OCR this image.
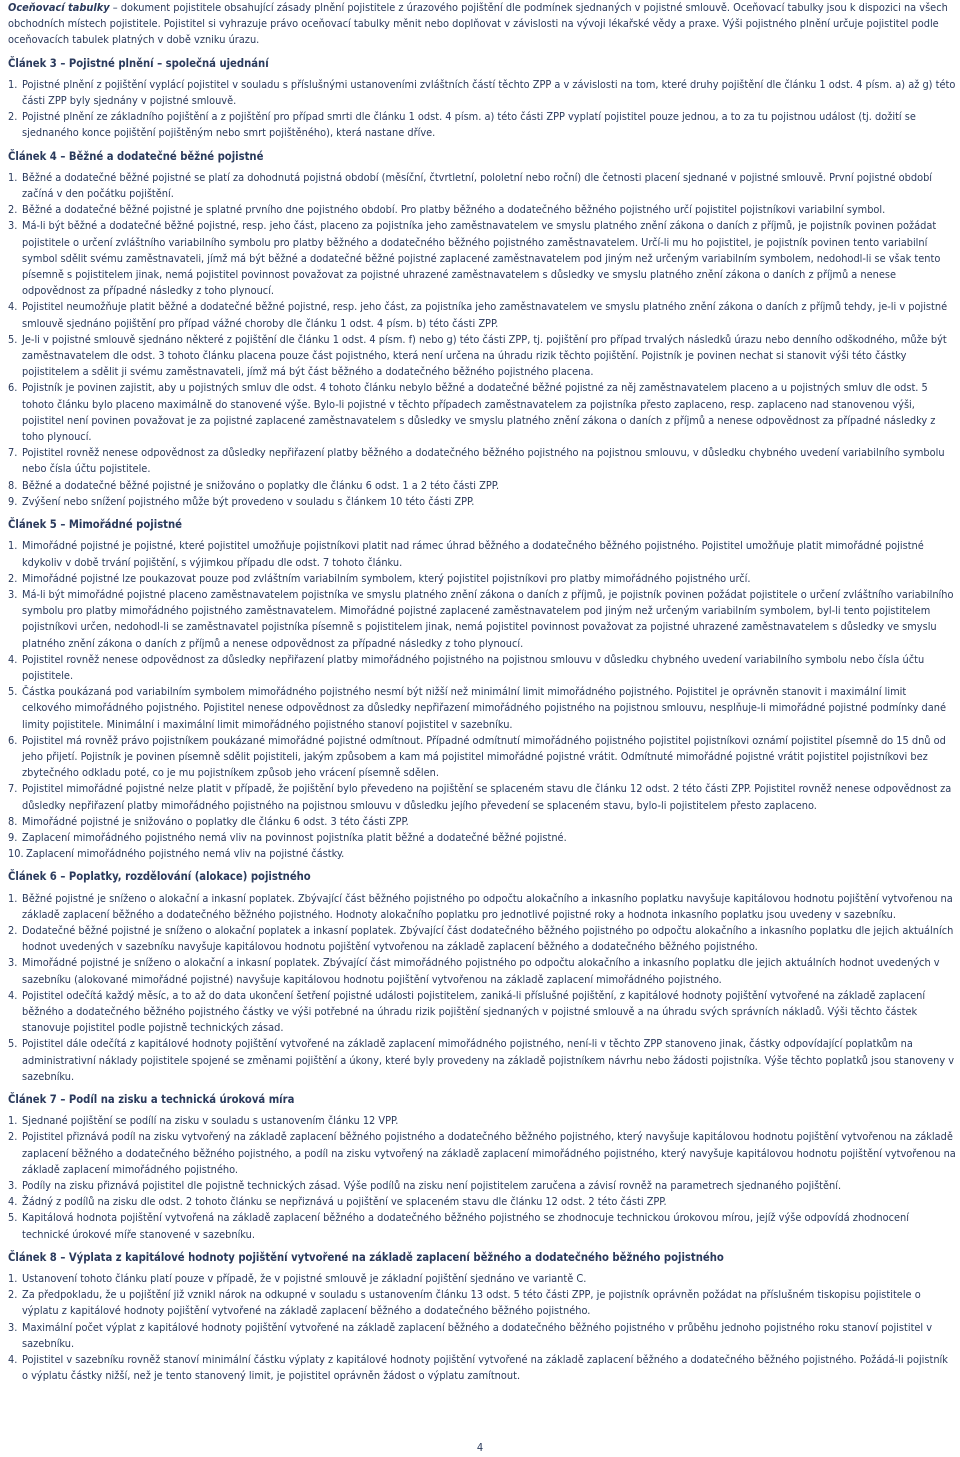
Oceňovací tabulky – dokument pojistitele obsahující zásady plnění pojistitele z úrazového pojištění dle podmínek sjednaných v pojistné smlouvě. Oceňovací tabulky jsou k dispozici na všech obchodních místech pojistitele. Pojistitel si vyhrazuje právo oceňovací tabulky měnit nebo doplňovat v závislosti na vývoji lékařské vědy a praxe. Výši pojistného plnění určuje pojistitel podle oceňovacích tabulek platných v době vzniku úrazu.

Článek 3 – Pojistné plnění – společná ujednání

1. Pojistné plnění z pojištění vyplácí pojistitel v souladu s příslušnými ustanoveními zvláštních částí těchto ZPP a v závislosti na tom, které druhy pojištění dle článku 1 odst. 4 písm. a) až g) této části ZPP byly sjednány v pojistné smlouvě.
2. Pojistné plnění ze základního pojištění a z pojištění pro případ smrti dle článku 1 odst. 4 písm. a) této části ZPP vyplatí pojistitel pouze jednou, a to za tu pojistnou událost (tj. dožití se sjednaného konce pojištění pojištěným nebo smrt pojištěného), která nastane dříve.

Článek 4 – Běžné a dodatečné běžné pojistné

1. Běžné a dodatečné běžné pojistné se platí za dohodnutá pojistná období (měsíční, čtvrtletní, pololetní nebo roční) dle četnosti placení sjednané v pojistné smlouvě. První pojistné období začíná v den počátku pojištění.
2. Běžné a dodatečné běžné pojistné je splatné prvního dne pojistného období. Pro platby běžného a dodatečného běžného pojistného určí pojistitel pojistníkovi variabilní symbol.
3. Má-li být běžné a dodatečné běžné pojistné, resp. jeho část, placeno za pojistníka jeho zaměstnavatelem ve smyslu platného znění zákona o daních z příjmů, je pojistník povinen požádat pojistitele o určení zvláštního variabilního symbolu pro platby běžného a dodatečného běžného pojistného zaměstnavatelem. Určí-li mu ho pojistitel, je pojistník povinen tento variabilní symbol sdělit svému zaměstnavateli, jímž má být běžné a dodatečné běžné pojistné zaplacené zaměstnavatelem pod jiným než určeným variabilním symbolem, nedohodl-li se však tento písemně s pojistitelem jinak, nemá pojistitel povinnost považovat za pojistné uhrazené zaměstnavatelem s důsledky ve smyslu platného znění zákona o daních z příjmů a nenese odpovědnost za případné následky z toho plynoucí.
4. Pojistitel neumožňuje platit běžné a dodatečné běžné pojistné, resp. jeho část, za pojistníka jeho zaměstnavatelem ve smyslu platného znění zákona o daních z příjmů tehdy, je-li v pojistné smlouvě sjednáno pojištění pro případ vážné choroby dle článku 1 odst. 4 písm. b) této části ZPP.
5. Je-li v pojistné smlouvě sjednáno některé z pojištění dle článku 1 odst. 4 písm. f) nebo g) této části ZPP, tj. pojištění pro případ trvalých následků úrazu nebo denního odškodného, může být zaměstnavatelem dle odst. 3 tohoto článku placena pouze část pojistného, která není určena na úhradu rizik těchto pojištění. Pojistník je povinen nechat si stanovit výši této částky pojistitelem a sdělit ji svému zaměstnavateli, jímž má být část běžného a dodatečného běžného pojistného placena.
6. Pojistník je povinen zajistit, aby u pojistných smluv dle odst. 4 tohoto článku nebylo běžné a dodatečné běžné pojistné za něj zaměstnavatelem placeno a u pojistných smluv dle odst. 5 tohoto článku bylo placeno maximálně do stanovené výše. Bylo-li pojistné v těchto případech zaměstnavatelem za pojistníka přesto zaplaceno, resp. zaplaceno nad stanovenou výši, pojistitel není povinen považovat je za pojistné zaplacené zaměstnavatelem s důsledky ve smyslu platného znění zákona o daních z příjmů a nenese odpovědnost za případné následky z toho plynoucí.
7. Pojistitel rovněž nenese odpovědnost za důsledky nepřiřazení platby běžného a dodatečného běžného pojistného na pojistnou smlouvu, v důsledku chybného uvedení variabilního symbolu nebo čísla účtu pojistitele.
8. Běžné a dodatečné běžné pojistné je snižováno o poplatky dle článku 6 odst. 1 a 2 této části ZPP.
9. Zvýšení nebo snížení pojistného může být provedeno v souladu s článkem 10 této části ZPP.

Článek 5 – Mimořádné pojistné

1. Mimořádné pojistné je pojistné, které pojistitel umožňuje pojistníkovi platit nad rámec úhrad běžného a dodatečného běžného pojistného. Pojistitel umožňuje platit mimořádné pojistné kdykoliv v době trvání pojištění, s výjimkou případu dle odst. 7 tohoto článku.
2. Mimořádné pojistné lze poukazovat pouze pod zvláštním variabilním symbolem, který pojistitel pojistníkovi pro platby mimořádného pojistného určí.
3. Má-li být mimořádné pojistné placeno zaměstnavatelem pojistníka ve smyslu platného znění zákona o daních z příjmů, je pojistník povinen požádat pojistitele o určení zvláštního variabilního symbolu pro platby mimořádného pojistného zaměstnavatelem. Mimořádné pojistné zaplacené zaměstnavatelem pod jiným než určeným variabilním symbolem, byl-li tento pojistitelem pojistníkovi určen, nedohodl-li se zaměstnavatel pojistníka písemně s pojistitelem jinak, nemá pojistitel povinnost považovat za pojistné uhrazené zaměstnavatelem s důsledky ve smyslu platného znění zákona o daních z příjmů a nenese odpovědnost za případné následky z toho plynoucí.
4. Pojistitel rovněž nenese odpovědnost za důsledky nepřiřazení platby mimořádného pojistného na pojistnou smlouvu v důsledku chybného uvedení variabilního symbolu nebo čísla účtu pojistitele.
5. Částka poukázaná pod variabilním symbolem mimořádného pojistného nesmí být nižší než minimální limit mimořádného pojistného. Pojistitel je oprávněn stanovit i maximální limit celkového mimořádného pojistného. Pojistitel nenese odpovědnost za důsledky nepřiřazení mimořádného pojistného na pojistnou smlouvu, nesplňuje-li mimořádné pojistné podmínky dané limity pojistitele. Minimální i maximální limit mimořádného pojistného stanoví pojistitel v sazebníku.
6. Pojistitel má rovněž právo pojistníkem poukázané mimořádné pojistné odmítnout. Případné odmítnutí mimořádného pojistného pojistitel pojistníkovi oznámí pojistitel písemně do 15 dnů od jeho přijetí. Pojistník je povinen písemně sdělit pojistiteli, jakým způsobem a kam má pojistitel mimořádné pojistné vrátit. Odmítnuté mimořádné pojistné vrátit pojistitel pojistníkovi bez zbytečného odkladu poté, co je mu pojistníkem způsob jeho vrácení písemně sdělen.
7. Pojistitel mimořádné pojistné nelze platit v případě, že pojištění bylo převedeno na pojištění se splaceném stavu dle článku 12 odst. 2 této části ZPP. Pojistitel rovněž nenese odpovědnost za důsledky nepřiřazení platby mimořádného pojistného na pojistnou smlouvu v důsledku jejího převedení se splaceném stavu, bylo-li pojistitelem přesto zaplaceno.
8. Mimořádné pojistné je snižováno o poplatky dle článku 6 odst. 3 této části ZPP.
9. Zaplacení mimořádného pojistného nemá vliv na povinnost pojistníka platit běžné a dodatečné běžné pojistné.
10. Zaplacení mimořádného pojistného nemá vliv na pojistné částky.

Článek 6 – Poplatky, rozdělování (alokace) pojistného

1. Běžné pojistné je sníženo o alokační a inkasní poplatek. Zbývající část běžného pojistného po odpočtu alokačního a inkasního poplatku navyšuje kapitálovou hodnotu pojištění vytvořenou na základě zaplacení běžného a dodatečného běžného pojistného. Hodnoty alokačního poplatku pro jednotlivé pojistné roky a hodnota inkasního poplatku jsou uvedeny v sazebníku.
2. Dodatečné běžné pojistné je sníženo o alokační poplatek a inkasní poplatek. Zbývající část dodatečného běžného pojistného po odpočtu alokačního a inkasního poplatku dle jejich aktuálních hodnot uvedených v sazebníku navyšuje kapitálovou hodnotu pojištění vytvořenou na základě zaplacení běžného a dodatečného běžného pojistného.
3. Mimořádné pojistné je sníženo o alokační a inkasní poplatek. Zbývající část mimořádného pojistného po odpočtu alokačního a inkasního poplatku dle jejich aktuálních hodnot uvedených v sazebníku (alokované mimořádné pojistné) navyšuje kapitálovou hodnotu pojištění vytvořenou na základě zaplacení mimořádného pojistného.
4. Pojistitel odečítá každý měsíc, a to až do data ukončení šetření pojistné události pojistitelem, zaniká-li příslušné pojištění, z kapitálové hodnoty pojištění vytvořené na základě zaplacení běžného a dodatečného běžného pojistného částky ve výši potřebné na úhradu rizik pojištění sjednaných v pojistné smlouvě a na úhradu svých správních nákladů. Výši těchto částek stanovuje pojistitel podle pojistně technických zásad.
5. Pojistitel dále odečítá z kapitálové hodnoty pojištění vytvořené na základě zaplacení mimořádného pojistného, není-li v těchto ZPP stanoveno jinak, částky odpovídající poplatkům na administrativní náklady pojistitele spojené se změnami pojištění a úkony, které byly provedeny na základě pojistníkem návrhu nebo žádosti pojistníka. Výše těchto poplatků jsou stanoveny v sazebníku.

Článek 7 – Podíl na zisku a technická úroková míra

1. Sjednané pojištění se podílí na zisku v souladu s ustanovením článku 12 VPP.
2. Pojistitel přiznává podíl na zisku vytvořený na základě zaplacení běžného pojistného a dodatečného běžného pojistného, který navyšuje kapitálovou hodnotu pojištění vytvořenou na základě zaplacení běžného a dodatečného běžného pojistného, a podíl na zisku vytvořený na základě zaplacení mimořádného pojistného, který navyšuje kapitálovou hodnotu pojištění vytvořenou na základě zaplacení mimořádného pojistného.
3. Podíly na zisku přiznává pojistitel dle pojistně technických zásad. Výše podílů na zisku není pojistitelem zaručena a závisí rovněž na parametrech sjednaného pojištění.
4. Žádný z podílů na zisku dle odst. 2 tohoto článku se nepřiznává u pojištění ve splaceném stavu dle článku 12 odst. 2 této části ZPP.
5. Kapitálová hodnota pojištění vytvořená na základě zaplacení běžného a dodatečného běžného pojistného se zhodnocuje technickou úrokovou mírou, jejíž výše odpovídá zhodnocení technické úrokové míře stanovené v sazebníku.

Článek 8 – Výplata z kapitálové hodnoty pojištění vytvořené na základě zaplacení běžného a dodatečného běžného pojistného

1. Ustanovení tohoto článku platí pouze v případě, že v pojistné smlouvě je základní pojištění sjednáno ve variantě C.
2. Za předpokladu, že u pojištění již vznikl nárok na odkupné v souladu s ustanovením článku 13 odst. 5 této části ZPP, je pojistník oprávněn požádat na příslušném tiskopisu pojistitele o výplatu z kapitálové hodnoty pojištění vytvořené na základě zaplacení běžného a dodatečného běžného pojistného.
3. Maximální počet výplat z kapitálové hodnoty pojištění vytvořené na základě zaplacení běžného a dodatečného běžného pojistného v průběhu jednoho pojistného roku stanoví pojistitel v sazebníku.
4. Pojistitel v sazebníku rovněž stanoví minimální částku výplaty z kapitálové hodnoty pojištění vytvořené na základě zaplacení běžného a dodatečného běžného pojistného. Požádá-li pojistník o výplatu částky nižší, než je tento stanovený limit, je pojistitel oprávněn žádost o výplatu zamítnout.
4
